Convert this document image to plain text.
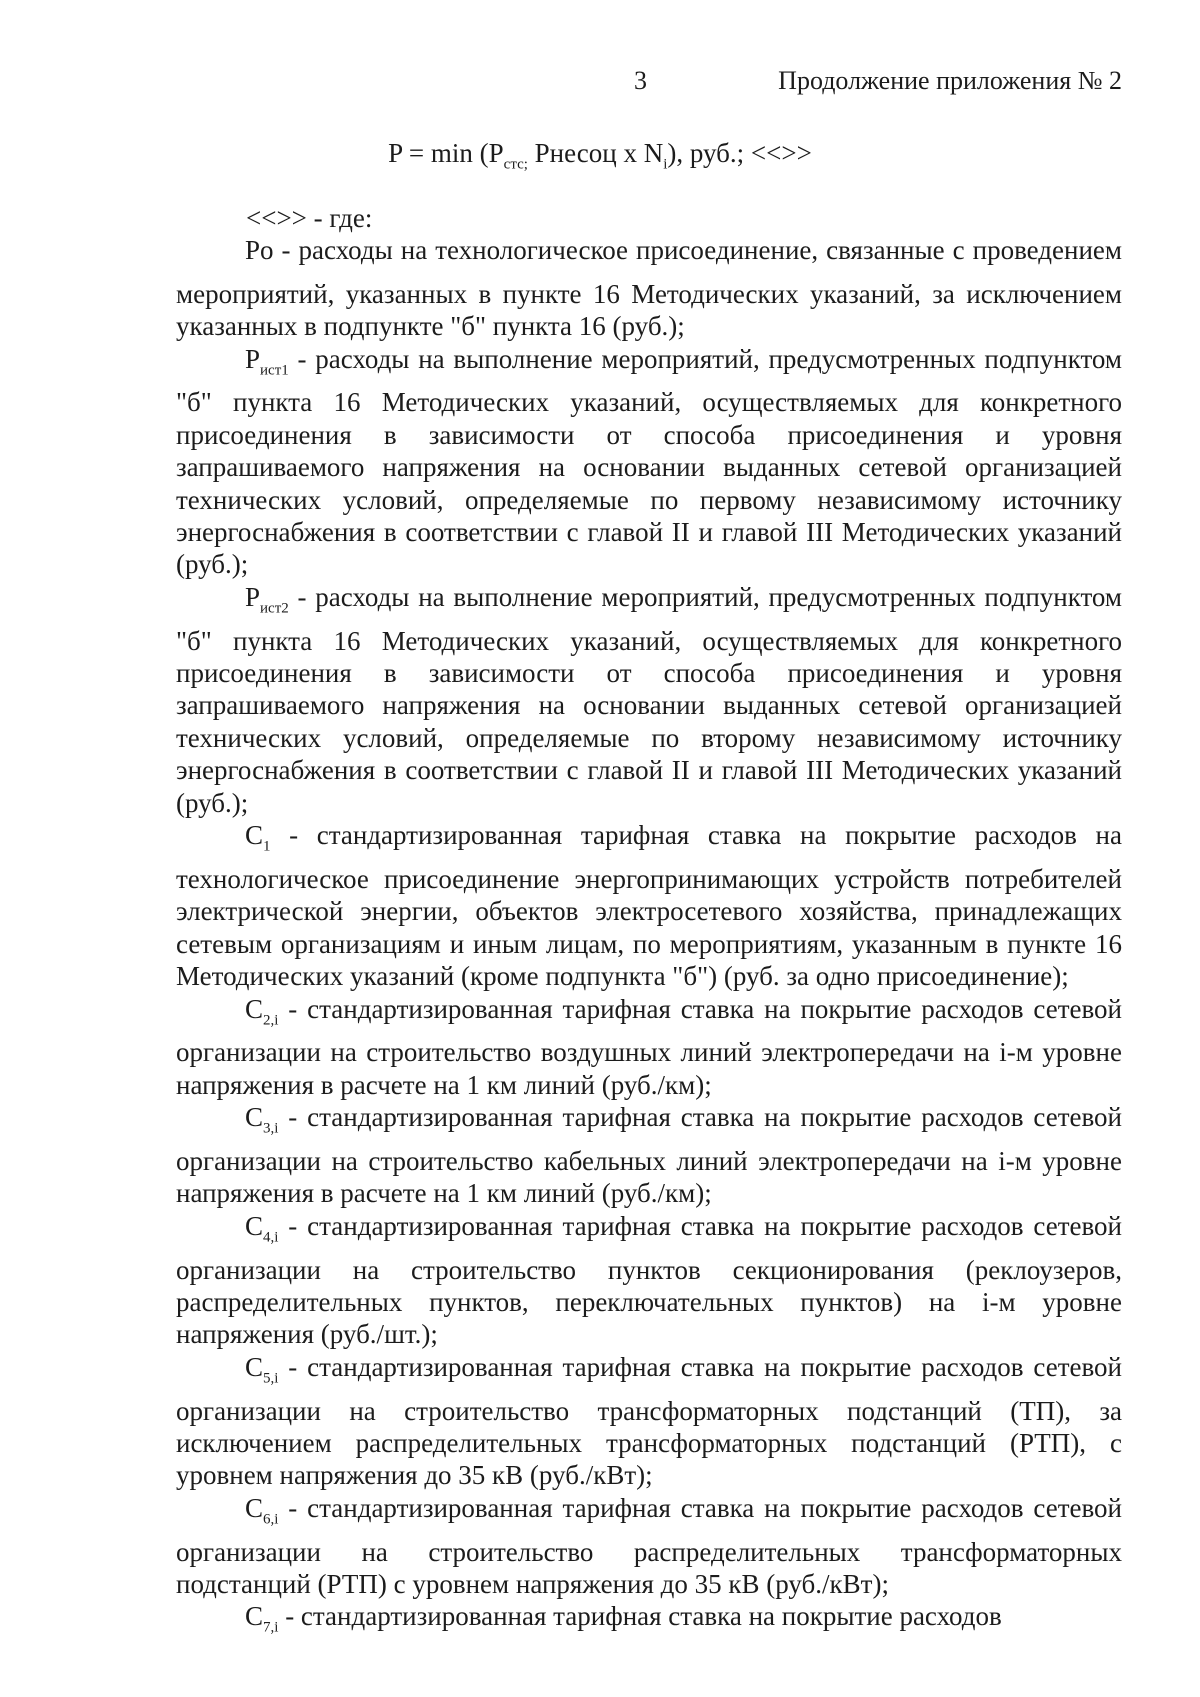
3	Продолжение приложения № 2
$P = \min (P_{стс;}$ Рнесоц x $N_i$), руб.; <<>>
<<>> - где:

Po - расходы на технологическое присоединение, связанные с проведением мероприятий, указанных в пункте 16 Методических указаний, за исключением указанных в подпункте "б" пункта 16 (руб.);

$P_{ист1}$ - расходы на выполнение мероприятий, предусмотренных подпунктом "б" пункта 16 Методических указаний, осуществляемых для конкретного присоединения в зависимости от способа присоединения и уровня запрашиваемого напряжения на основании выданных сетевой организацией технических условий, определяемые по первому независимому источнику энергоснабжения в соответствии с главой II и главой III Методических указаний (руб.);

$P_{ист2}$ - расходы на выполнение мероприятий, предусмотренных подпунктом "б" пункта 16 Методических указаний, осуществляемых для конкретного присоединения в зависимости от способа присоединения и уровня запрашиваемого напряжения на основании выданных сетевой организацией технических условий, определяемые по второму независимому источнику энергоснабжения в соответствии с главой II и главой III Методических указаний (руб.);

$C_1$ - стандартизированная тарифная ставка на покрытие расходов на технологическое присоединение энергопринимающих устройств потребителей электрической энергии, объектов электросетевого хозяйства, принадлежащих сетевым организациям и иным лицам, по мероприятиям, указанным в пункте 16 Методических указаний (кроме подпункта "б") (руб. за одно присоединение);

$C_{2,i}$ - стандартизированная тарифная ставка на покрытие расходов сетевой организации на строительство воздушных линий электропередачи на i-м уровне напряжения в расчете на 1 км линий (руб./км);

$C_{3,i}$ - стандартизированная тарифная ставка на покрытие расходов сетевой организации на строительство кабельных линий электропередачи на i-м уровне напряжения в расчете на 1 км линий (руб./км);

$C_{4,i}$ - стандартизированная тарифная ставка на покрытие расходов сетевой организации на строительство пунктов секционирования (реклоузеров, распределительных пунктов, переключательных пунктов) на i-м уровне напряжения (руб./шт.);

$C_{5,i}$ - стандартизированная тарифная ставка на покрытие расходов сетевой организации на строительство трансформаторных подстанций (ТП), за исключением распределительных трансформаторных подстанций (РТП), с уровнем напряжения до 35 кВ (руб./кВт);

$C_{6,i}$ - стандартизированная тарифная ставка на покрытие расходов сетевой организации на строительство распределительных трансформаторных подстанций (РТП) с уровнем напряжения до 35 кВ (руб./кВт);

$C_{7,i}$ - стандартизированная тарифная ставка на покрытие расходов
